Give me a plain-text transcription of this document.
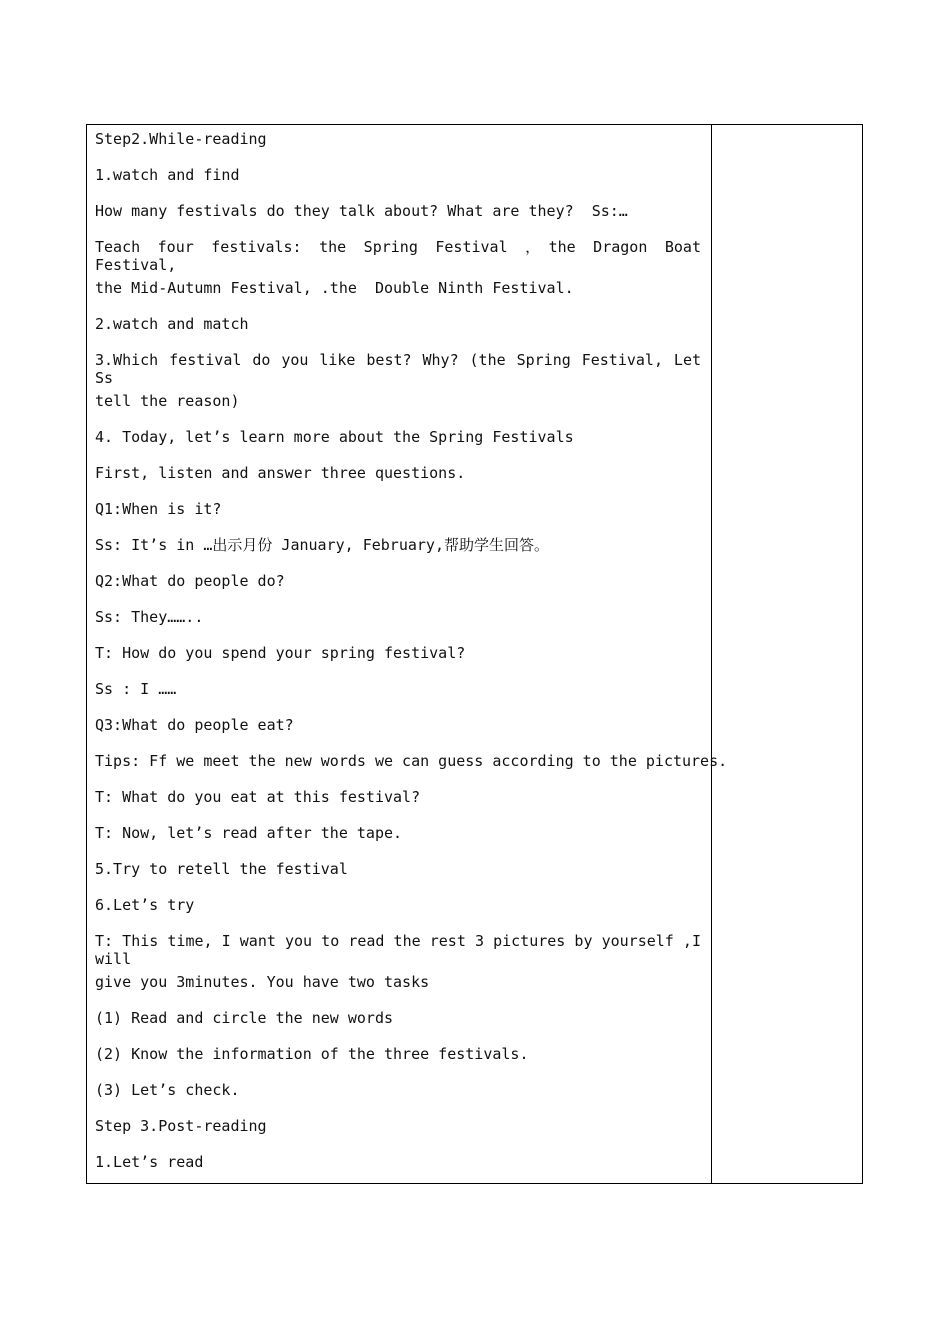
Step2.While-reading

1.watch and find

How many festivals do they talk about? What are they?  Ss:…

Teach four festivals: the Spring Festival ，the Dragon Boat Festival,

the Mid-Autumn Festival, .the  Double Ninth Festival.

2.watch and match

3.Which festival do you like best? Why? (the Spring Festival, Let Ss

tell the reason)

4. Today, let’s learn more about the Spring Festivals

First, listen and answer three questions.

Q1:When is it?

Ss: It’s in …出示月份 January, February,帮助学生回答。

Q2:What do people do?

Ss: They……..

T: How do you spend your spring festival?

Ss : I ……

Q3:What do people eat?

Tips: Ff we meet the new words we can guess according to the pictures.

T: What do you eat at this festival?

T: Now, let’s read after the tape.

5.Try to retell the festival

6.Let’s try

T: This time, I want you to read the rest 3 pictures by yourself ,I will

give you 3minutes. You have two tasks

(1) Read and circle the new words

(2) Know the information of the three festivals.

(3) Let’s check.

Step 3.Post-reading

1.Let’s read
